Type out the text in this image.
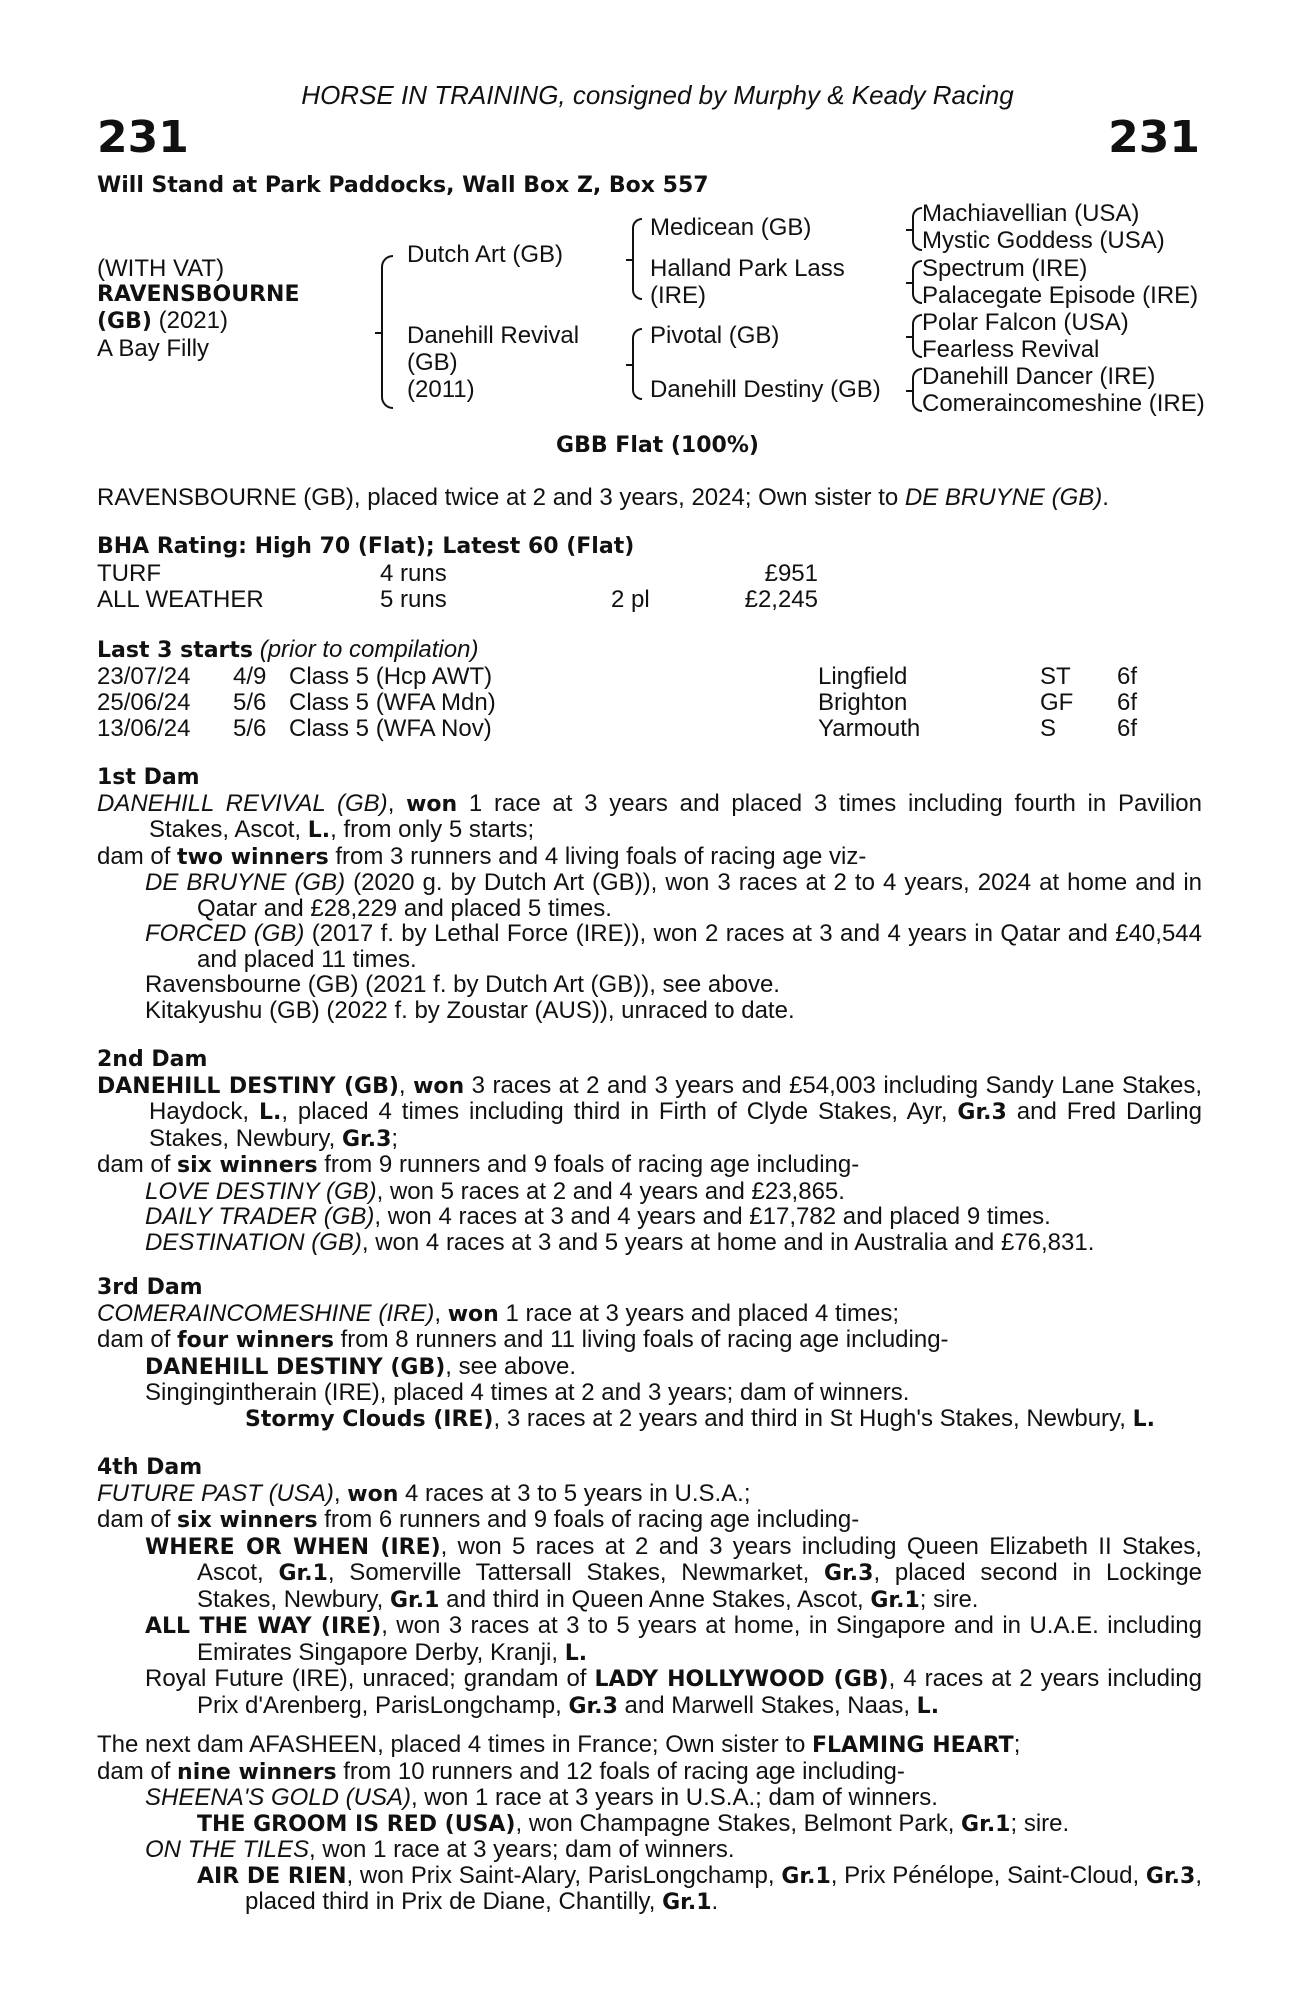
HORSE IN TRAINING, consigned by Murphy & Keady Racing
231	231
Will Stand at Park Paddocks, Wall Box Z, Box 557
(WITH VAT)
RAVENSBOURNE
(GB) (2021)
A Bay Filly
Dutch Art (GB)
Danehill Revival
(GB)
(2011)
Medicean (GB)
Halland Park Lass
(IRE)
Pivotal (GB)
Danehill Destiny (GB)
Machiavellian (USA)
Mystic Goddess (USA)
Spectrum (IRE)
Palacegate Episode (IRE)
Polar Falcon (USA)
Fearless Revival
Danehill Dancer (IRE)
Comeraincomeshine (IRE)
GBB Flat (100%)
RAVENSBOURNE (GB), placed twice at 2 and 3 years, 2024; Own sister to DE BRUYNE (GB).
BHA Rating: High 70 (Flat); Latest 60 (Flat)
TURF	4 runs	£951
ALL WEATHER	5 runs	2 pl	£2,245
Last 3 starts (prior to compilation)
23/07/24 4/9 Class 5 (Hcp AWT)	Lingfield	ST 6f
25/06/24 5/6 Class 5 (WFA Mdn)	Brighton	GF 6f
13/06/24 5/6 Class 5 (WFA Nov)	Yarmouth	S	6f
1st Dam
DANEHILL REVIVAL (GB), won 1 race at 3 years and placed 3 times including fourth in Pavilion Stakes, Ascot, L., from only 5 starts;
dam of two winners from 3 runners and 4 living foals of racing age viz-
DE BRUYNE (GB) (2020 g. by Dutch Art (GB)), won 3 races at 2 to 4 years, 2024 at home and in Qatar and £28,229 and placed 5 times.
FORCED (GB) (2017 f. by Lethal Force (IRE)), won 2 races at 3 and 4 years in Qatar and £40,544 and placed 11 times.
Ravensbourne (GB) (2021 f. by Dutch Art (GB)), see above.
Kitakyushu (GB) (2022 f. by Zoustar (AUS)), unraced to date.
2nd Dam
DANEHILL DESTINY (GB), won 3 races at 2 and 3 years and £54,003 including Sandy Lane Stakes, Haydock, L., placed 4 times including third in Firth of Clyde Stakes, Ayr, Gr.3 and Fred Darling Stakes, Newbury, Gr.3;
dam of six winners from 9 runners and 9 foals of racing age including-
LOVE DESTINY (GB), won 5 races at 2 and 4 years and £23,865.
DAILY TRADER (GB), won 4 races at 3 and 4 years and £17,782 and placed 9 times.
DESTINATION (GB), won 4 races at 3 and 5 years at home and in Australia and £76,831.
3rd Dam
COMERAINCOMESHINE (IRE), won 1 race at 3 years and placed 4 times;
dam of four winners from 8 runners and 11 living foals of racing age including-
DANEHILL DESTINY (GB), see above.
Singingintherain (IRE), placed 4 times at 2 and 3 years; dam of winners.
Stormy Clouds (IRE), 3 races at 2 years and third in St Hugh's Stakes, Newbury, L.
4th Dam
FUTURE PAST (USA), won 4 races at 3 to 5 years in U.S.A.;
dam of six winners from 6 runners and 9 foals of racing age including-
WHERE OR WHEN (IRE), won 5 races at 2 and 3 years including Queen Elizabeth II Stakes, Ascot, Gr.1, Somerville Tattersall Stakes, Newmarket, Gr.3, placed second in Lockinge Stakes, Newbury, Gr.1 and third in Queen Anne Stakes, Ascot, Gr.1; sire.
ALL THE WAY (IRE), won 3 races at 3 to 5 years at home, in Singapore and in U.A.E. including Emirates Singapore Derby, Kranji, L.
Royal Future (IRE), unraced; grandam of LADY HOLLYWOOD (GB), 4 races at 2 years including Prix d'Arenberg, ParisLongchamp, Gr.3 and Marwell Stakes, Naas, L.
The next dam AFASHEEN, placed 4 times in France; Own sister to FLAMING HEART;
dam of nine winners from 10 runners and 12 foals of racing age including-
SHEENA'S GOLD (USA), won 1 race at 3 years in U.S.A.; dam of winners.
THE GROOM IS RED (USA), won Champagne Stakes, Belmont Park, Gr.1; sire.
ON THE TILES, won 1 race at 3 years; dam of winners.
AIR DE RIEN, won Prix Saint-Alary, ParisLongchamp, Gr.1, Prix Pénélope, Saint-Cloud, Gr.3, placed third in Prix de Diane, Chantilly, Gr.1.
